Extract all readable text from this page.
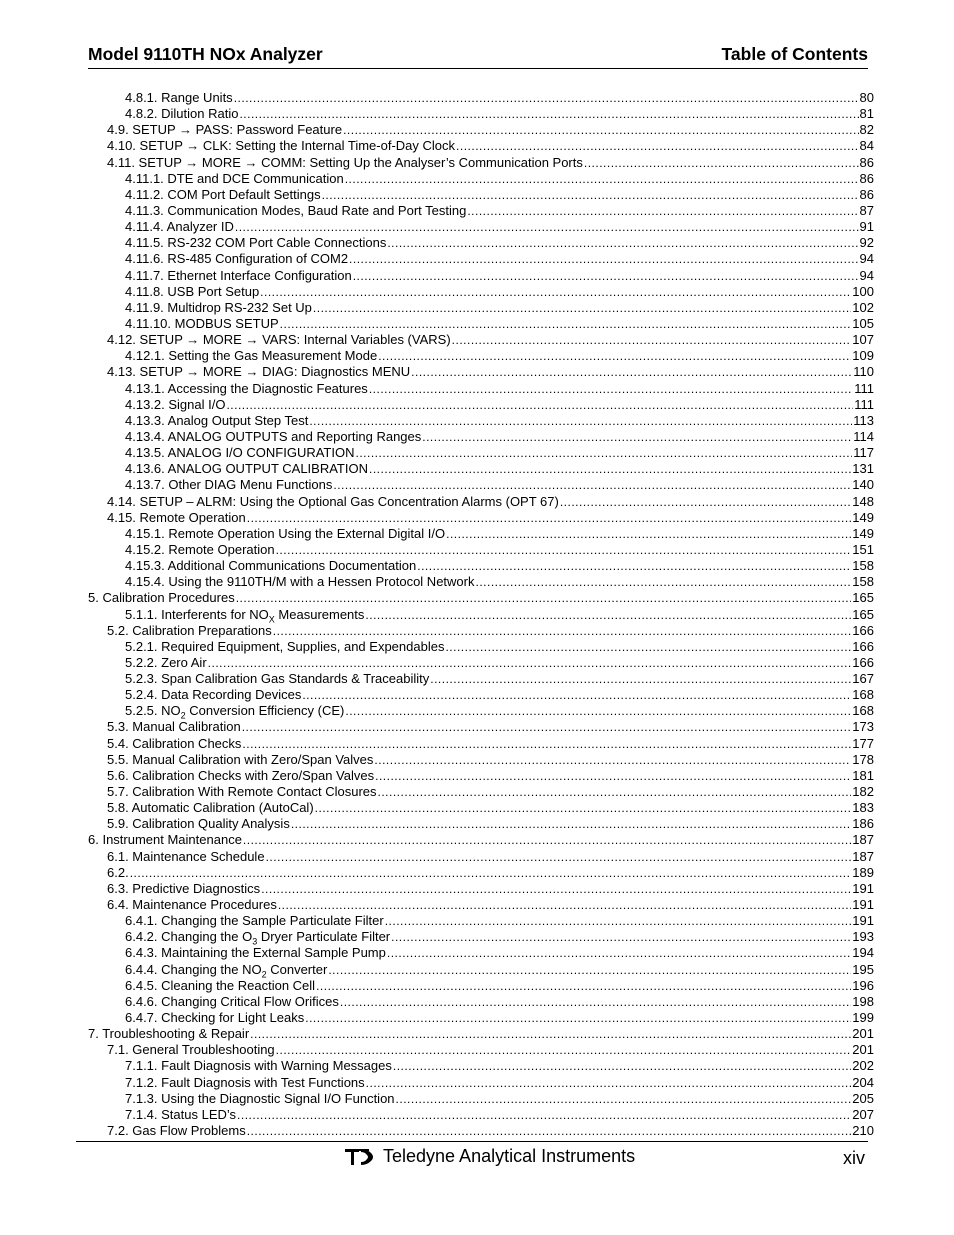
Model 9110TH NOx Analyzer	Table of Contents
4.8.1. Range Units .....	80
4.8.2. Dilution Ratio .....	81
4.9. SETUP → PASS: Password Feature .....	82
4.10. SETUP → CLK: Setting the Internal Time-of-Day Clock .....	84
4.11. SETUP → MORE → COMM: Setting Up the Analyser’s Communication Ports .....	86
4.11.1. DTE and DCE Communication .....	86
4.11.2. COM Port Default Settings .....	86
4.11.3. Communication Modes, Baud Rate and Port Testing .....	87
4.11.4. Analyzer ID .....	91
4.11.5. RS-232 COM Port Cable Connections .....	92
4.11.6. RS-485 Configuration of COM2 .....	94
4.11.7. Ethernet Interface Configuration .....	94
4.11.8. USB Port Setup .....	100
4.11.9. Multidrop RS-232 Set Up .....	102
4.11.10. MODBUS SETUP .....	105
4.12. SETUP → MORE → VARS: Internal Variables (VARS) .....	107
4.12.1. Setting the Gas Measurement Mode .....	109
4.13. SETUP → MORE → DIAG: Diagnostics MENU .....	110
4.13.1. Accessing the Diagnostic Features .....	111
4.13.2. Signal I/O .....	111
4.13.3. Analog Output Step Test .....	113
4.13.4. ANALOG OUTPUTS and Reporting Ranges .....	114
4.13.5. ANALOG I/O CONFIGURATION .....	117
4.13.6. ANALOG OUTPUT CALIBRATION .....	131
4.13.7. Other DIAG Menu Functions .....	140
4.14. SETUP – ALRM: Using the Optional Gas Concentration Alarms (OPT 67) .....	148
4.15. Remote Operation .....	149
4.15.1. Remote Operation Using the External Digital I/O .....	149
4.15.2. Remote Operation .....	151
4.15.3. Additional Communications Documentation .....	158
4.15.4. Using the 9110TH/M with a Hessen Protocol Network .....	158
5. Calibration Procedures .....	165
5.1.1. Interferents for $NO_X$ Measurements .....	165
5.2. Calibration Preparations .....	166
5.2.1. Required Equipment, Supplies, and Expendables .....	166
5.2.2. Zero Air .....	166
5.2.3. Span Calibration Gas Standards & Traceability .....	167
5.2.4. Data Recording Devices .....	168
5.2.5. $NO_2$ Conversion Efficiency (CE) .....	168
5.3. Manual Calibration .....	173
5.4. Calibration Checks .....	177
5.5. Manual Calibration with Zero/Span Valves .....	178
5.6. Calibration Checks with Zero/Span Valves .....	181
5.7. Calibration With Remote Contact Closures .....	182
5.8. Automatic Calibration (AutoCal) .....	183
5.9. Calibration Quality Analysis .....	186
6. Instrument Maintenance .....	187
6.1. Maintenance Schedule .....	187
6.2. .....	189
6.3. Predictive Diagnostics .....	191
6.4. Maintenance Procedures .....	191
6.4.1. Changing the Sample Particulate Filter .....	191
6.4.2. Changing the $O_3$ Dryer Particulate Filter .....	193
6.4.3. Maintaining the External Sample Pump .....	194
6.4.4. Changing the $NO_2$ Converter .....	195
6.4.5. Cleaning the Reaction Cell .....	196
6.4.6. Changing Critical Flow Orifices .....	198
6.4.7. Checking for Light Leaks .....	199
7. Troubleshooting & Repair .....	201
7.1. General Troubleshooting .....	201
7.1.1. Fault Diagnosis with Warning Messages .....	202
7.1.2. Fault Diagnosis with Test Functions .....	204
7.1.3. Using the Diagnostic Signal I/O Function .....	205
7.1.4. Status LED’s .....	207
7.2. Gas Flow Problems .....	210
Teledyne Analytical Instruments	xiv
